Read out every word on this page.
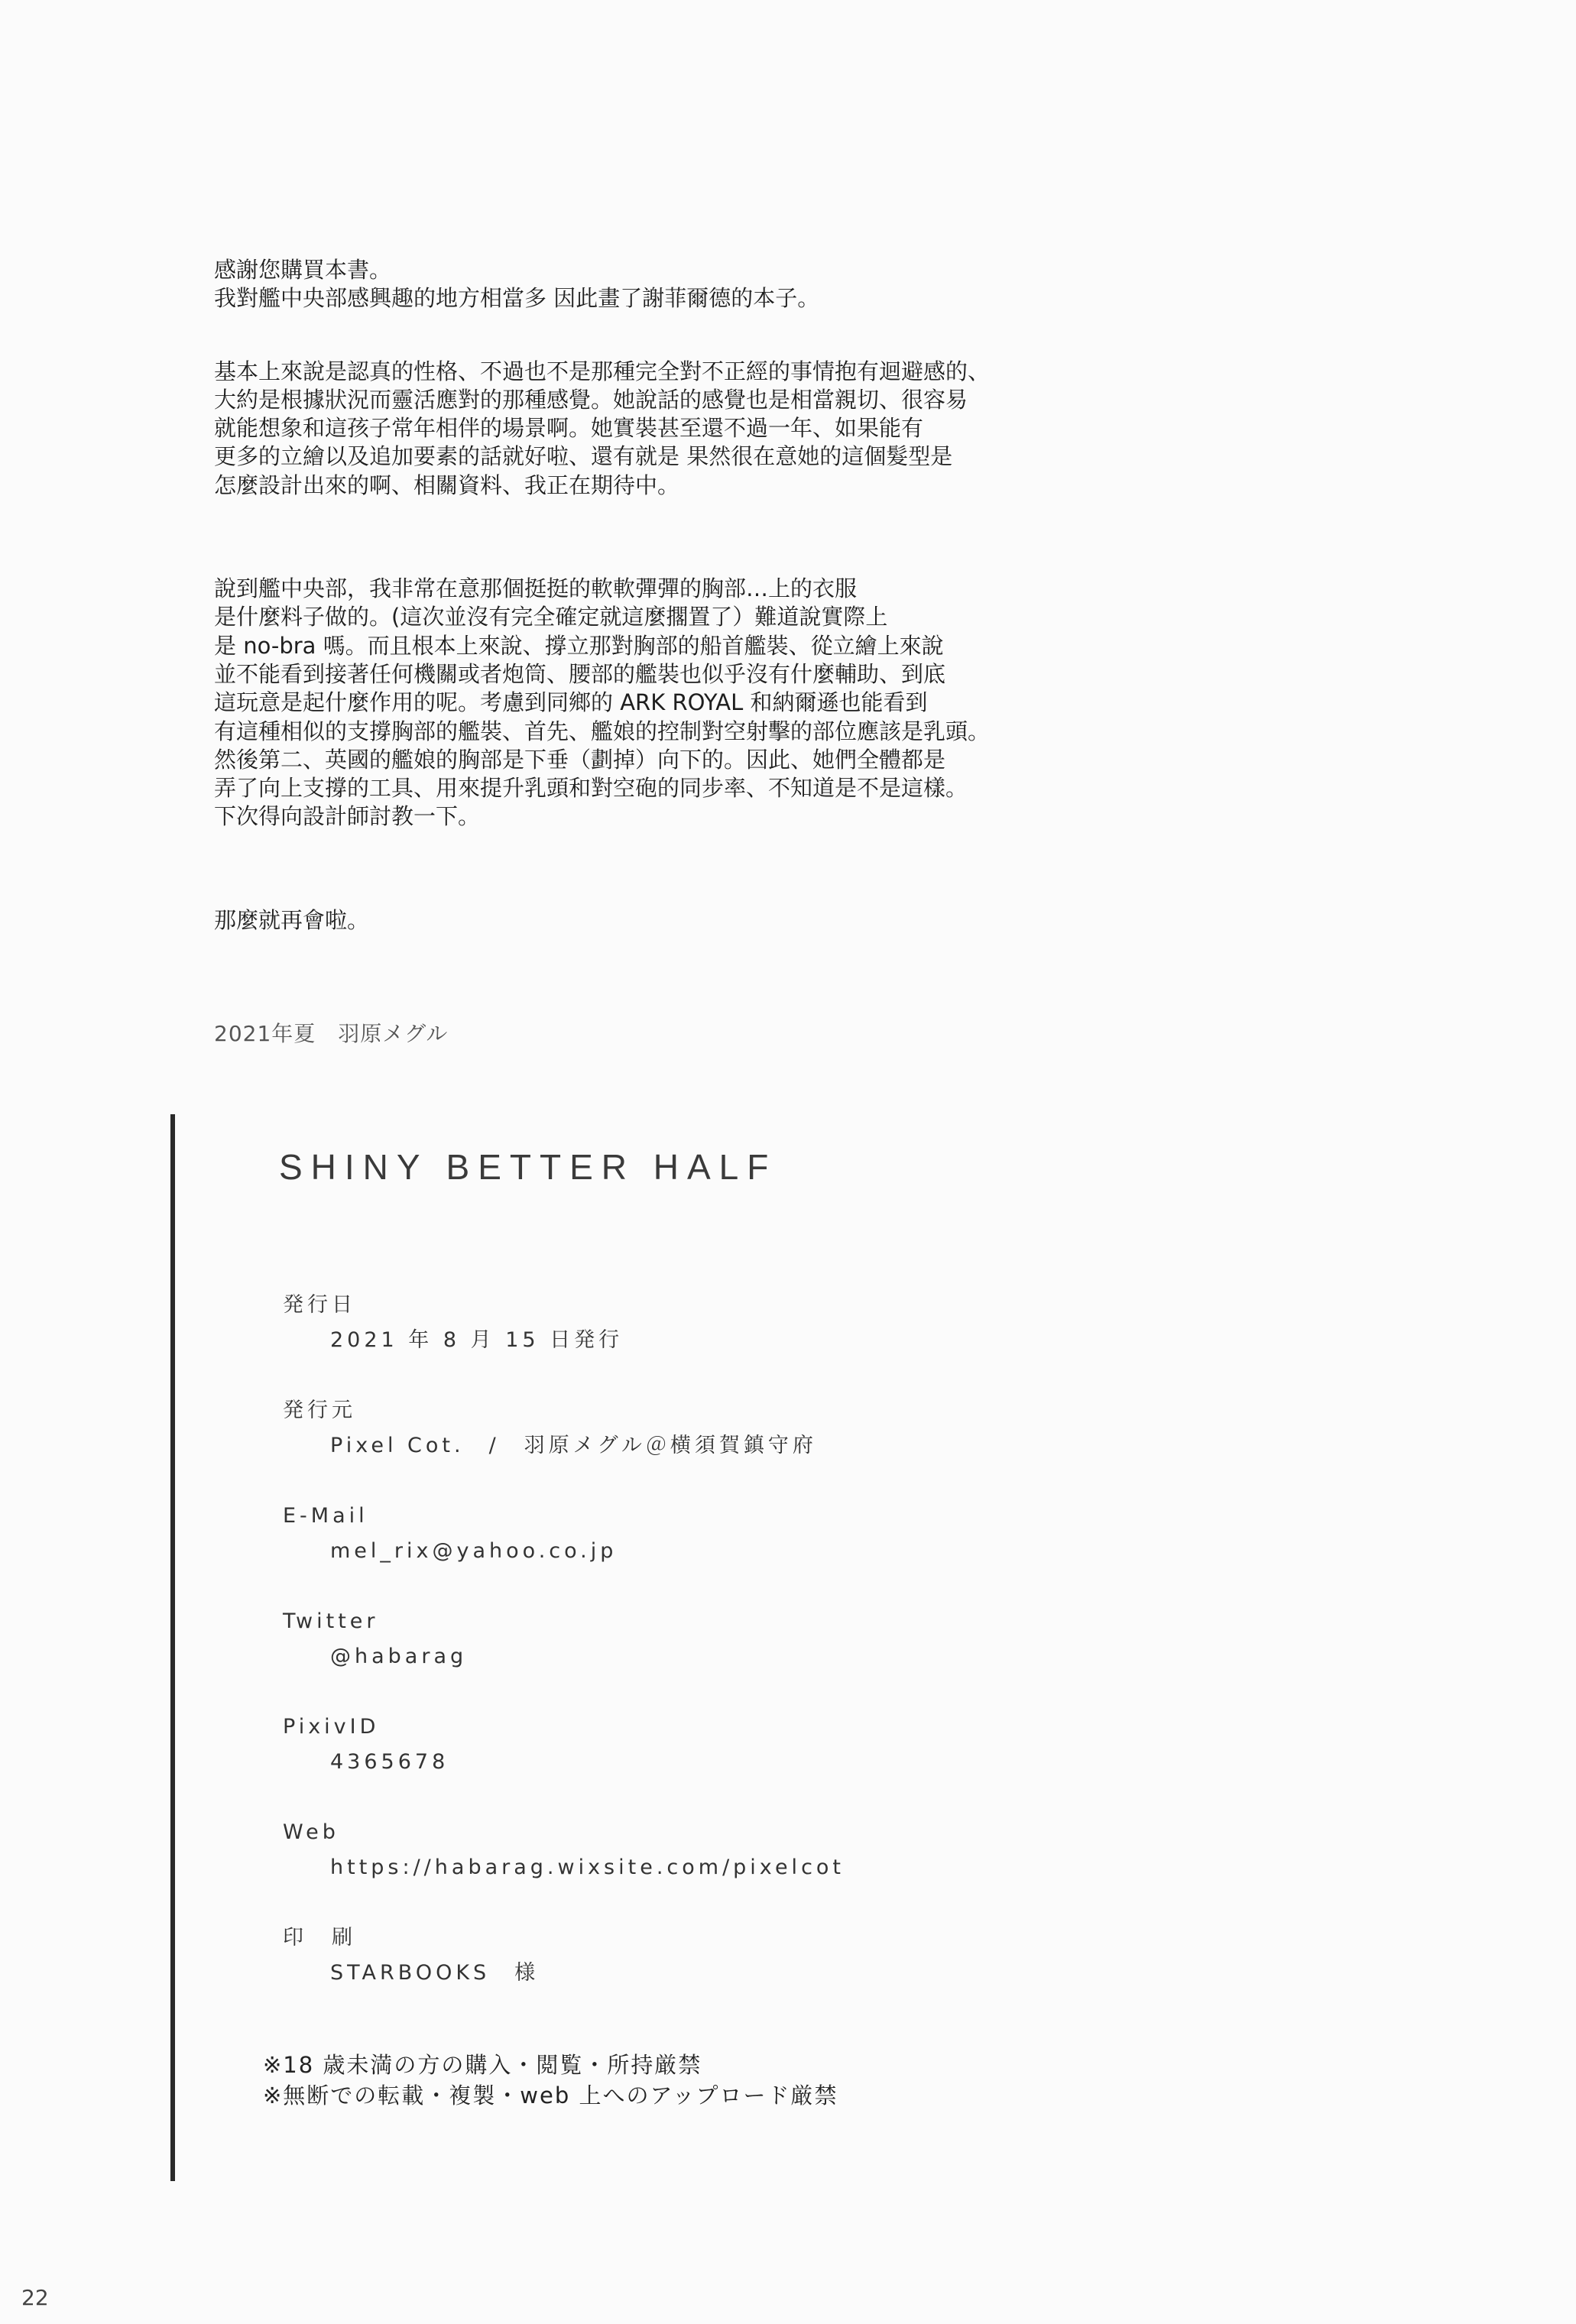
感謝您購買本書。
我對艦中央部感興趣的地方相當多 因此畫了謝菲爾德的本子。

基本上來說是認真的性格、不過也不是那種完全對不正經的事情抱有迴避感的、
大約是根據狀況而靈活應對的那種感覺。她說話的感覺也是相當親切、很容易
就能想象和這孩子常年相伴的場景啊。她實裝甚至還不過一年、如果能有
更多的立繪以及追加要素的話就好啦、還有就是 果然很在意她的這個髮型是
怎麼設計出來的啊、相關資料、我正在期待中。

說到艦中央部，我非常在意那個挺挺的軟軟彈彈的胸部…上的衣服
是什麼料子做的。(這次並沒有完全確定就這麼擱置了）難道說實際上
是 no-bra 嗎。而且根本上來說、撐立那對胸部的船首艦裝、從立繪上來說
並不能看到接著任何機關或者炮筒、腰部的艦裝也似乎沒有什麼輔助、到底
這玩意是起什麼作用的呢。考慮到同鄉的 ARK ROYAL 和納爾遜也能看到
有這種相似的支撐胸部的艦裝、首先、艦娘的控制對空射擊的部位應該是乳頭。
然後第二、英國的艦娘的胸部是下垂（劃掉）向下的。因此、她們全體都是
弄了向上支撐的工具、用來提升乳頭和對空砲的同步率、不知道是不是這樣。
下次得向設計師討教一下。

那麼就再會啦。

2021年夏　羽原メグル
SHINY BETTER HALF
発行日
2021 年 8 月 15 日発行
発行元
Pixel Cot.　/　羽原メグル＠横須賀鎮守府
E-Mail
mel_rix@yahoo.co.jp
Twitter
@habarag
PixivID
4365678
Web
https://habarag.wixsite.com/pixelcot
印　刷
STARBOOKS　様
※18 歳未満の方の購入・閲覧・所持厳禁
※無断での転載・複製・web 上へのアップロード厳禁
22
